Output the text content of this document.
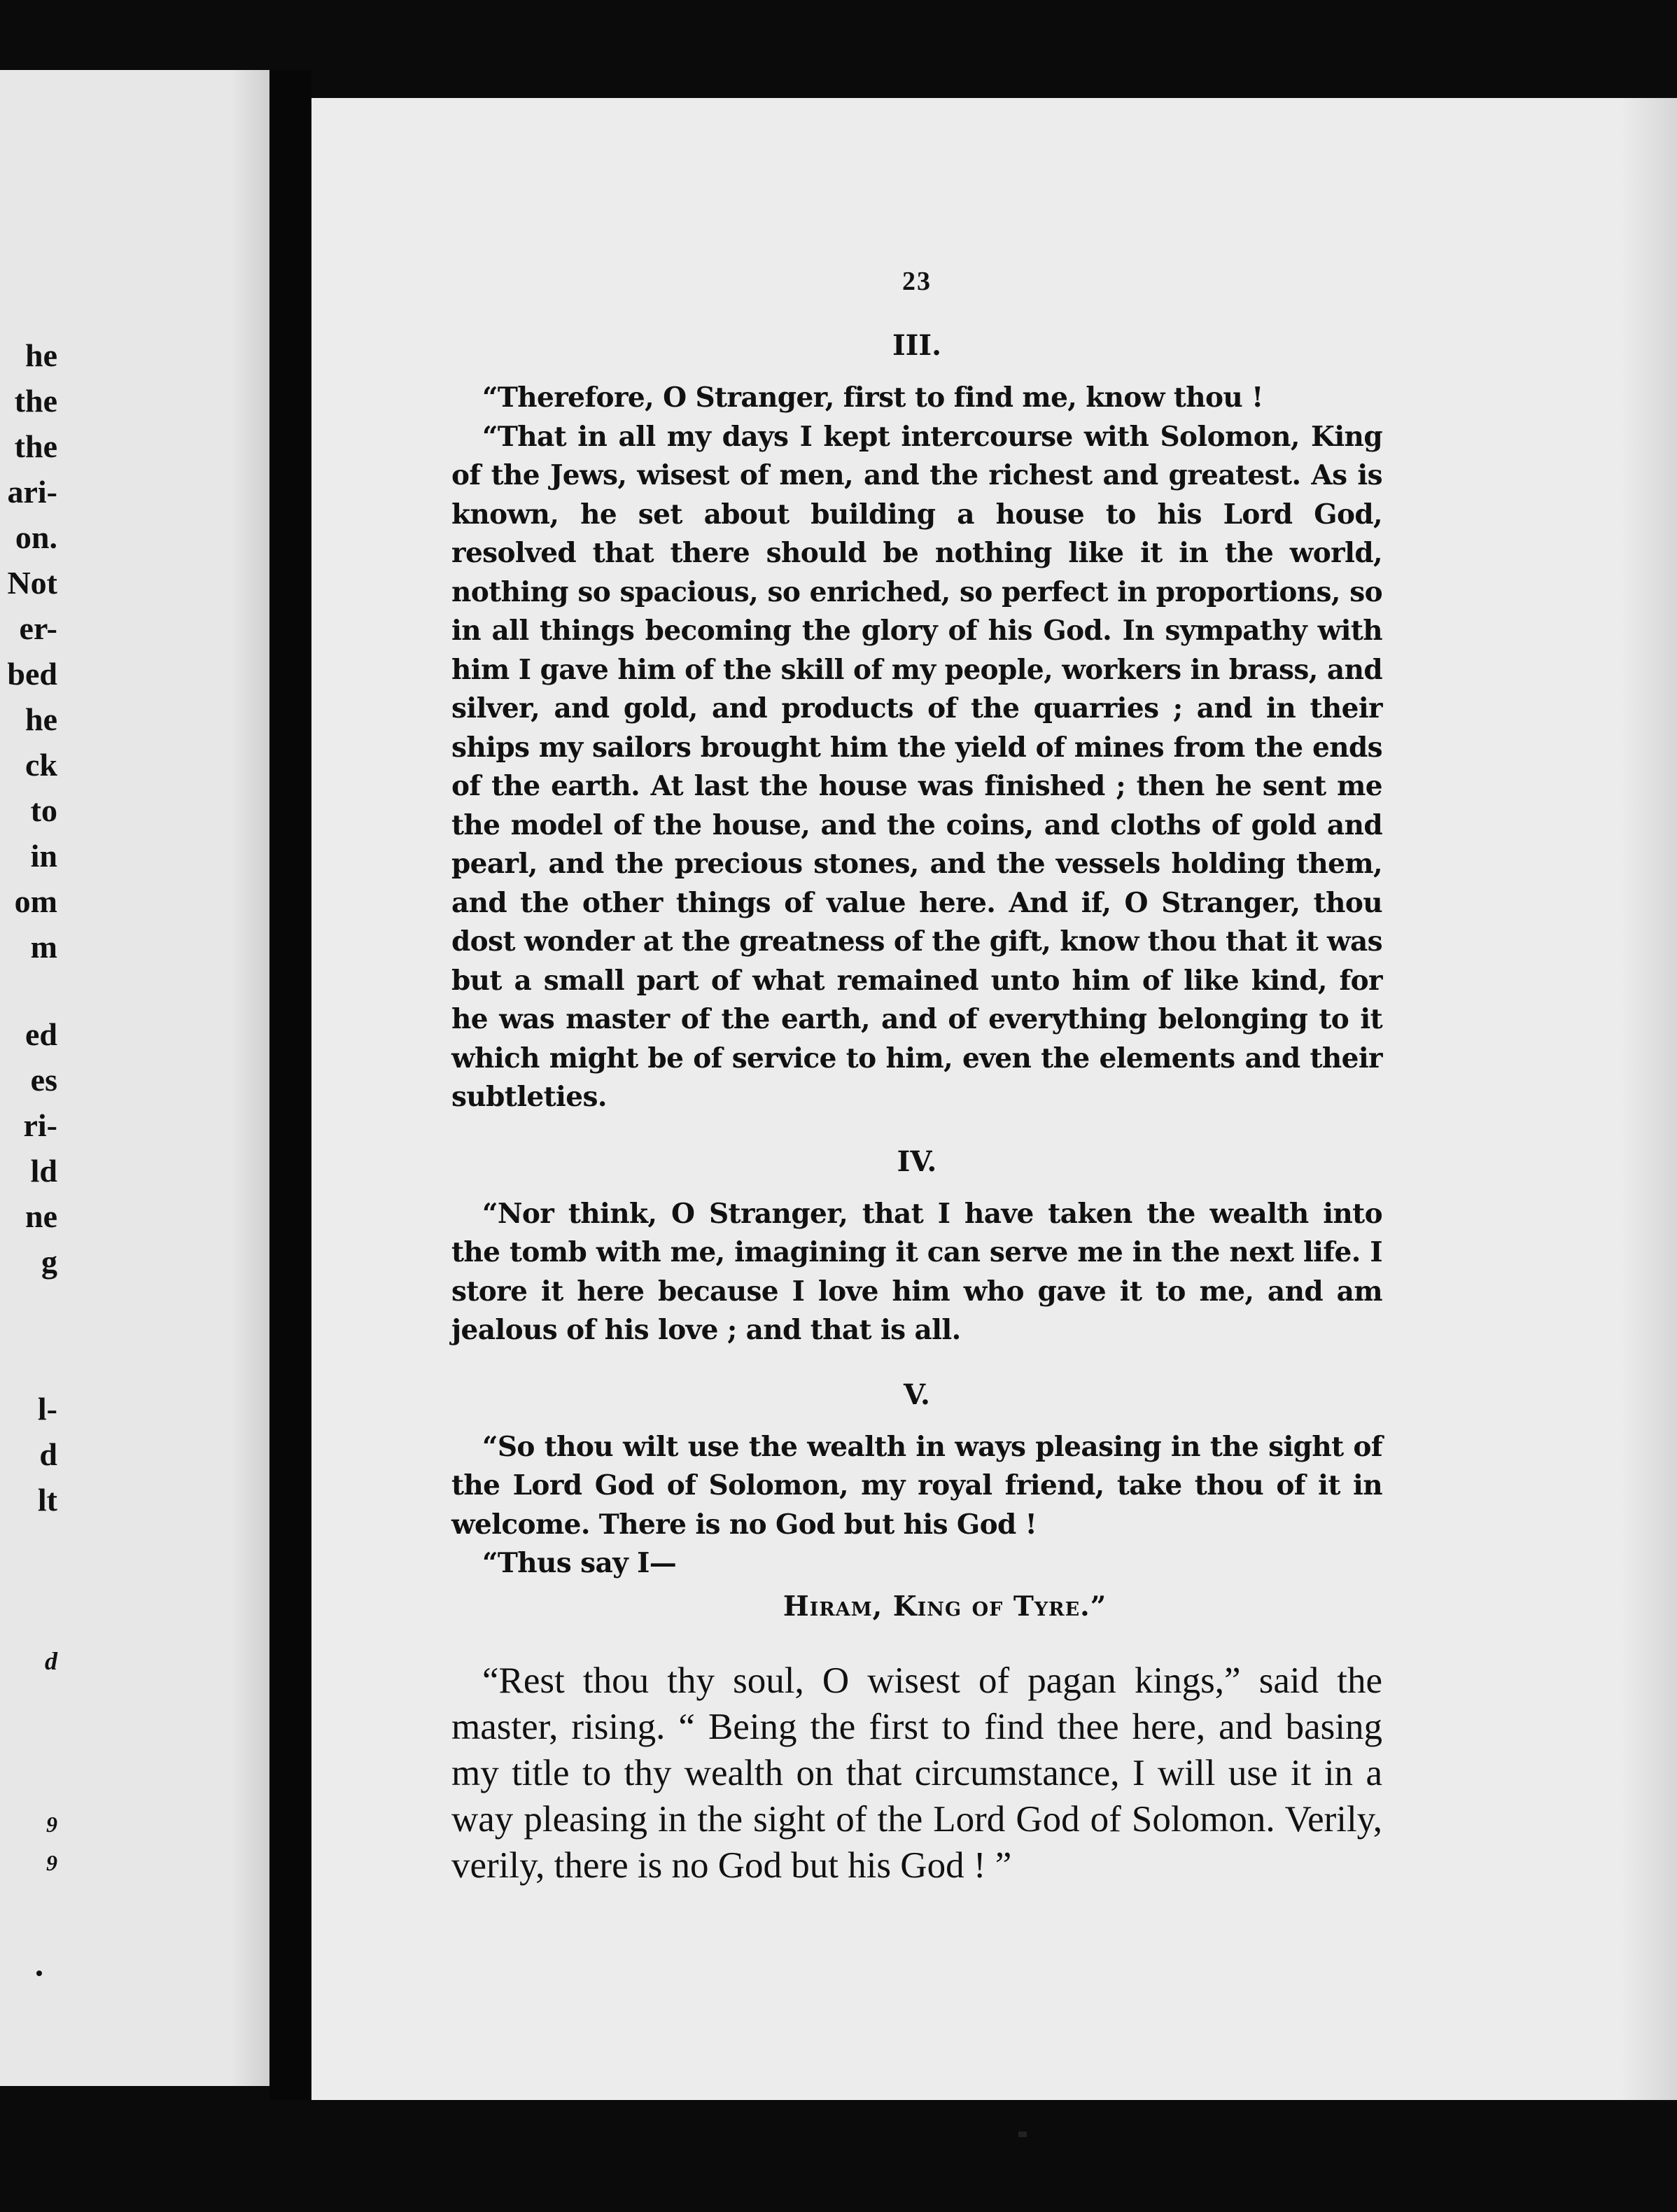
he
the
the
ari-
on.
Not
er-
bed
he
ck
to
in
om
m
ed
es
ri-
ld
ne
g
l-
d
lt
d
9
9
23
III.

“Therefore, O Stranger, first to find me, know thou !

“That in all my days I kept intercourse with Solomon, King of the Jews, wisest of men, and the richest and greatest. As is known, he set about building a house to his Lord God, resolved that there should be nothing like it in the world, nothing so spacious, so enriched, so perfect in proportions, so in all things becoming the glory of his God. In sympathy with him I gave him of the skill of my people, workers in brass, and silver, and gold, and products of the quarries ; and in their ships my sailors brought him the yield of mines from the ends of the earth. At last the house was finished ; then he sent me the model of the house, and the coins, and cloths of gold and pearl, and the precious stones, and the vessels holding them, and the other things of value here. And if, O Stranger, thou dost wonder at the greatness of the gift, know thou that it was but a small part of what remained unto him of like kind, for he was master of the earth, and of everything belonging to it which might be of service to him, even the elements and their subtleties.

IV.

“Nor think, O Stranger, that I have taken the wealth into the tomb with me, imagining it can serve me in the next life. I store it here because I love him who gave it to me, and am jealous of his love ; and that is all.

V.

“So thou wilt use the wealth in ways pleasing in the sight of the Lord God of Solomon, my royal friend, take thou of it in welcome. There is no God but his God !

“Thus say I—

Hiram, King of Tyre.”

“Rest thou thy soul, O wisest of pagan kings,” said the master, rising. “ Being the first to find thee here, and basing my title to thy wealth on that circumstance, I will use it in a way pleasing in the sight of the Lord God of Solomon. Verily, verily, there is no God but his God ! ”
